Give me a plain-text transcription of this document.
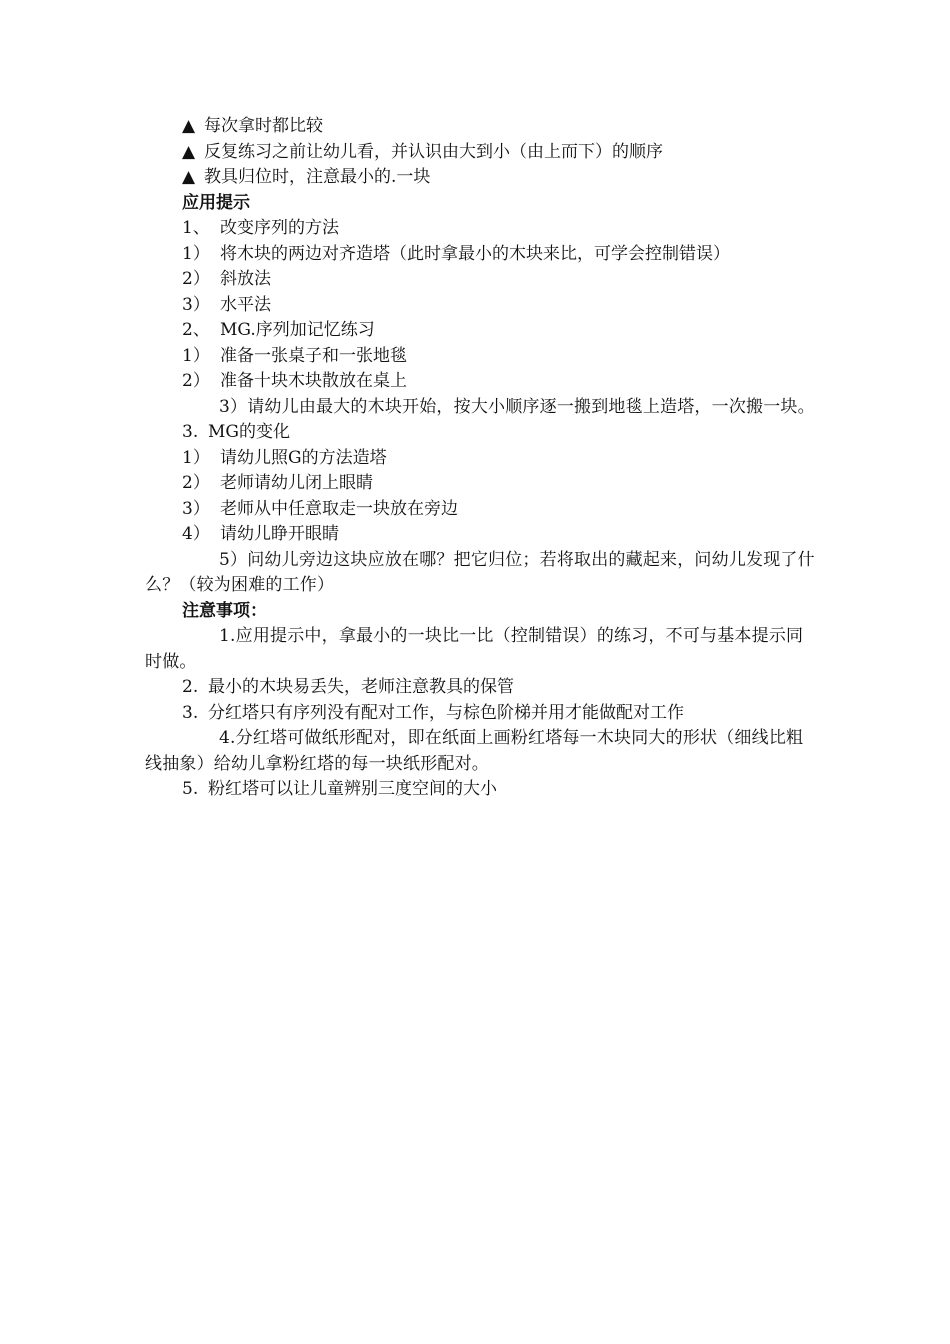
▲ 每次拿时都比较
▲ 反复练习之前让幼儿看，并认识由大到小（由上而下）的顺序
▲ 教具归位时，注意最小的.一块
应用提示
1、 改变序列的方法
1） 将木块的两边对齐造塔（此时拿最小的木块来比，可学会控制错误）
2） 斜放法
3） 水平法
2、 MG.序列加记忆练习
1） 准备一张桌子和一张地毯
2） 准备十块木块散放在桌上
3）请幼儿由最大的木块开始，按大小顺序逐一搬到地毯上造塔，一次搬一块。
3. MG的变化
1） 请幼儿照G的方法造塔
2） 老师请幼儿闭上眼睛
3） 老师从中任意取走一块放在旁边
4） 请幼儿睁开眼睛
5）问幼儿旁边这块应放在哪？把它归位；若将取出的藏起来，问幼儿发现了什么？（较为困难的工作）
注意事项：
1.应用提示中，拿最小的一块比一比（控制错误）的练习，不可与基本提示同时做。
2. 最小的木块易丢失，老师注意教具的保管
3. 分红塔只有序列没有配对工作，与棕色阶梯并用才能做配对工作
4.分红塔可做纸形配对，即在纸面上画粉红塔每一木块同大的形状（细线比粗线抽象）给幼儿拿粉红塔的每一块纸形配对。
5. 粉红塔可以让儿童辨别三度空间的大小
